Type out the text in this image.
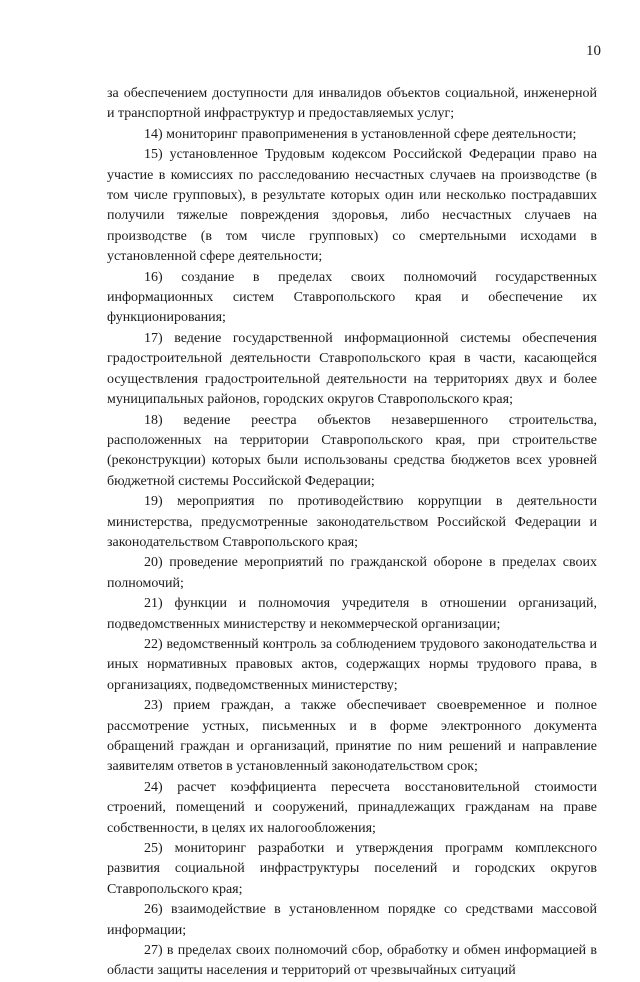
10

за обеспечением доступности для инвалидов объектов социальной, инженерной и транспортной инфраструктур и предоставляемых услуг;

14) мониторинг правоприменения в установленной сфере деятельности;

15) установленное Трудовым кодексом Российской Федерации право на участие в комиссиях по расследованию несчастных случаев на производстве (в том числе групповых), в результате которых один или несколько пострадавших получили тяжелые повреждения здоровья, либо несчастных случаев на производстве (в том числе групповых) со смертельными исходами в установленной сфере деятельности;

16) создание в пределах своих полномочий государственных информационных систем Ставропольского края и обеспечение их функционирования;

17) ведение государственной информационной системы обеспечения градостроительной деятельности Ставропольского края в части, касающейся осуществления градостроительной деятельности на территориях двух и более муниципальных районов, городских округов Ставропольского края;

18) ведение реестра объектов незавершенного строительства, расположенных на территории Ставропольского края, при строительстве (реконструкции) которых были использованы средства бюджетов всех уровней бюджетной системы Российской Федерации;

19) мероприятия по противодействию коррупции в деятельности министерства, предусмотренные законодательством Российской Федерации и законодательством Ставропольского края;

20) проведение мероприятий по гражданской обороне в пределах своих полномочий;

21) функции и полномочия учредителя в отношении организаций, подведомственных министерству и некоммерческой организации;

22) ведомственный контроль за соблюдением трудового законодательства и иных нормативных правовых актов, содержащих нормы трудового права, в организациях, подведомственных министерству;

23) прием граждан, а также обеспечивает своевременное и полное рассмотрение устных, письменных и в форме электронного документа обращений граждан и организаций, принятие по ним решений и направление заявителям ответов в установленный законодательством срок;

24) расчет коэффициента пересчета восстановительной стоимости строений, помещений и сооружений, принадлежащих гражданам на праве собственности, в целях их налогообложения;

25) мониторинг разработки и утверждения программ комплексного развития социальной инфраструктуры поселений и городских округов Ставропольского края;

26) взаимодействие в установленном порядке со средствами массовой информации;

27) в пределах своих полномочий сбор, обработку и обмен информацией в области защиты населения и территорий от чрезвычайных ситуаций
